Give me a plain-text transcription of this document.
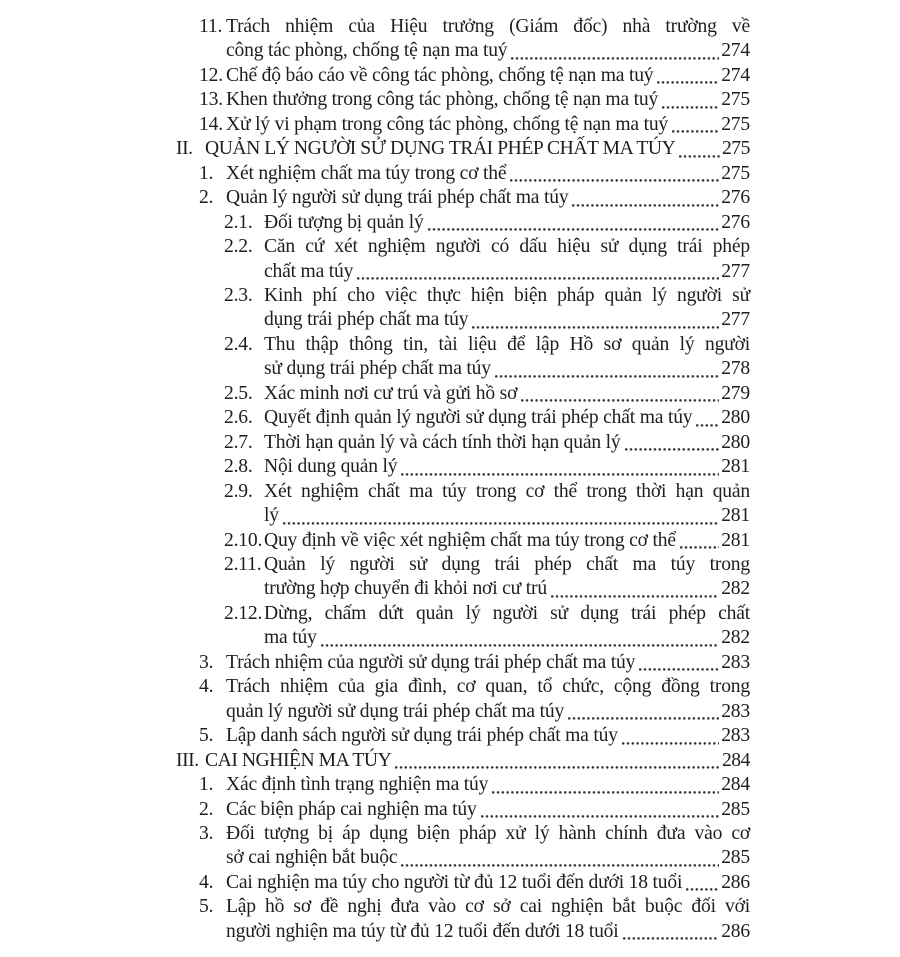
11. Trách nhiệm của Hiệu trưởng (Giám đốc) nhà trường về
công tác phòng, chống tệ nạn ma tuý	274
12. Chế độ báo cáo về công tác phòng, chống tệ nạn ma tuý	274
13. Khen thưởng trong công tác phòng, chống tệ nạn ma tuý	275
14. Xử lý vi phạm trong công tác phòng, chống tệ nạn ma tuý	275
II. QUẢN LÝ NGƯỜI SỬ DỤNG TRÁI PHÉP CHẤT MA TÚY 275
1. Xét nghiệm chất ma túy trong cơ thể	275
2. Quản lý người sử dụng trái phép chất ma túy	276
2.1. Đối tượng bị quản lý	276
2.2. Căn cứ xét nghiệm người có dấu hiệu sử dụng trái phép
chất ma túy	277
2.3. Kinh phí cho việc thực hiện biện pháp quản lý người sử
dụng trái phép chất ma túy	277
2.4. Thu thập thông tin, tài liệu để lập Hồ sơ quản lý người
sử dụng trái phép chất ma túy	278
2.5. Xác minh nơi cư trú và gửi hồ sơ	279
2.6. Quyết định quản lý người sử dụng trái phép chất ma túy 280
2.7. Thời hạn quản lý và cách tính thời hạn quản lý	280
2.8. Nội dung quản lý	281
2.9. Xét nghiệm chất ma túy trong cơ thể trong thời hạn quản
lý	281
2.10. Quy định về việc xét nghiệm chất ma túy trong cơ thể 281
2.11. Quản lý người sử dụng trái phép chất ma túy trong
trường hợp chuyển đi khỏi nơi cư trú	282
2.12. Dừng, chấm dứt quản lý người sử dụng trái phép chất
ma túy	282
3. Trách nhiệm của người sử dụng trái phép chất ma túy	283
4. Trách nhiệm của gia đình, cơ quan, tổ chức, cộng đồng trong
quản lý người sử dụng trái phép chất ma túy	283
5. Lập danh sách người sử dụng trái phép chất ma túy	283
III. CAI NGHIỆN MA TÚY	284
1. Xác định tình trạng nghiện ma túy	284
2. Các biện pháp cai nghiện ma túy	285
3. Đối tượng bị áp dụng biện pháp xử lý hành chính đưa vào cơ
sở cai nghiện bắt buộc	285
4. Cai nghiện ma túy cho người từ đủ 12 tuổi đến dưới 18 tuổi 286
5. Lập hồ sơ đề nghị đưa vào cơ sở cai nghiện bắt buộc đối với
người nghiện ma túy từ đủ 12 tuổi đến dưới 18 tuổi	286
